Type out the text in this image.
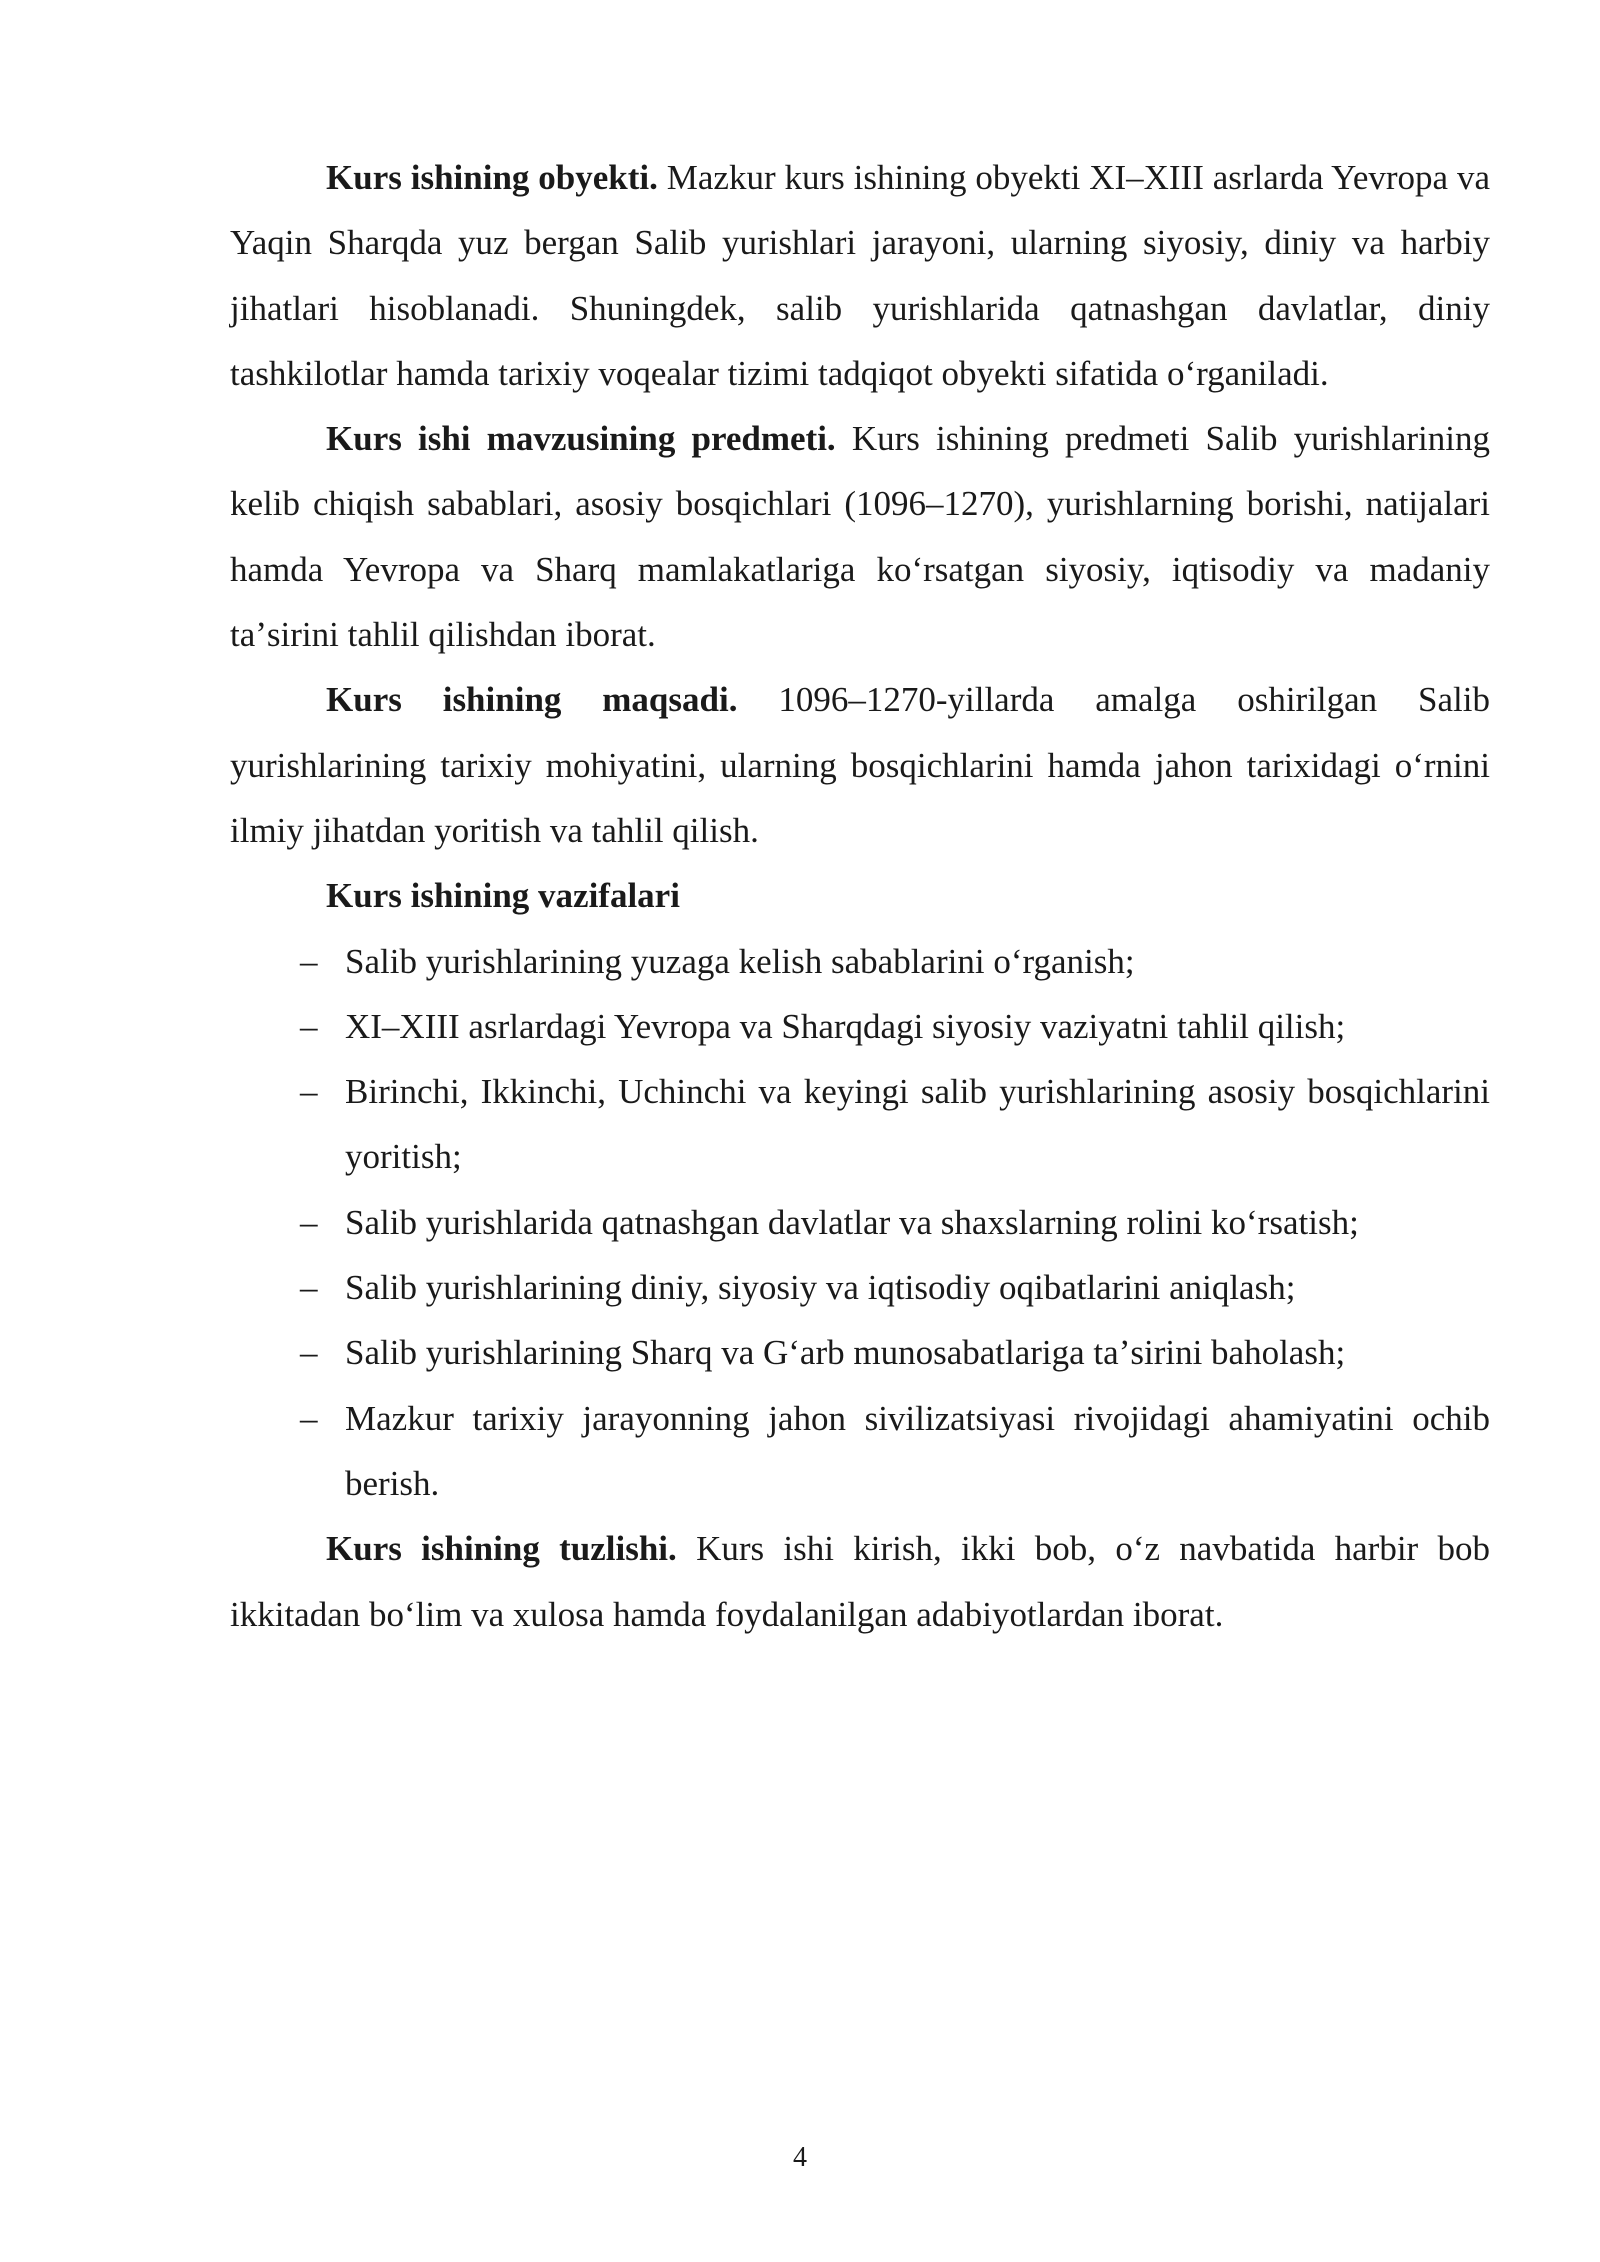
Kurs ishining obyekti. Mazkur kurs ishining obyekti XI–XIII asrlarda Yevropa va Yaqin Sharqda yuz bergan Salib yurishlari jarayoni, ularning siyosiy, diniy va harbiy jihatlari hisoblanadi. Shuningdek, salib yurishlarida qatnashgan davlatlar, diniy tashkilotlar hamda tarixiy voqealar tizimi tadqiqot obyekti sifatida oʻrganiladi.

Kurs ishi mavzusining predmeti. Kurs ishining predmeti Salib yurishlarining kelib chiqish sabablari, asosiy bosqichlari (1096–1270), yurishlarning borishi, natijalari hamda Yevropa va Sharq mamlakatlariga koʻrsatgan siyosiy, iqtisodiy va madaniy taʼsirini tahlil qilishdan iborat.

Kurs ishining maqsadi. 1096–1270-yillarda amalga oshirilgan Salib yurishlarining tarixiy mohiyatini, ularning bosqichlarini hamda jahon tarixidagi oʻrnini ilmiy jihatdan yoritish va tahlil qilish.

Kurs ishining vazifalari

– Salib yurishlarining yuzaga kelish sabablarini oʻrganish;
– XI–XIII asrlardagi Yevropa va Sharqdagi siyosiy vaziyatni tahlil qilish;
– Birinchi, Ikkinchi, Uchinchi va keyingi salib yurishlarining asosiy bosqichlarini yoritish;
– Salib yurishlarida qatnashgan davlatlar va shaxslarning rolini koʻrsatish;
– Salib yurishlarining diniy, siyosiy va iqtisodiy oqibatlarini aniqlash;
– Salib yurishlarining Sharq va Gʻarb munosabatlariga taʼsirini baholash;
– Mazkur tarixiy jarayonning jahon sivilizatsiyasi rivojidagi ahamiyatini ochib berish.

Kurs ishining tuzlishi. Kurs ishi kirish, ikki bob, oʻz navbatida harbir bob ikkitadan boʻlim va xulosa hamda foydalanilgan adabiyotlardan iborat.

4
